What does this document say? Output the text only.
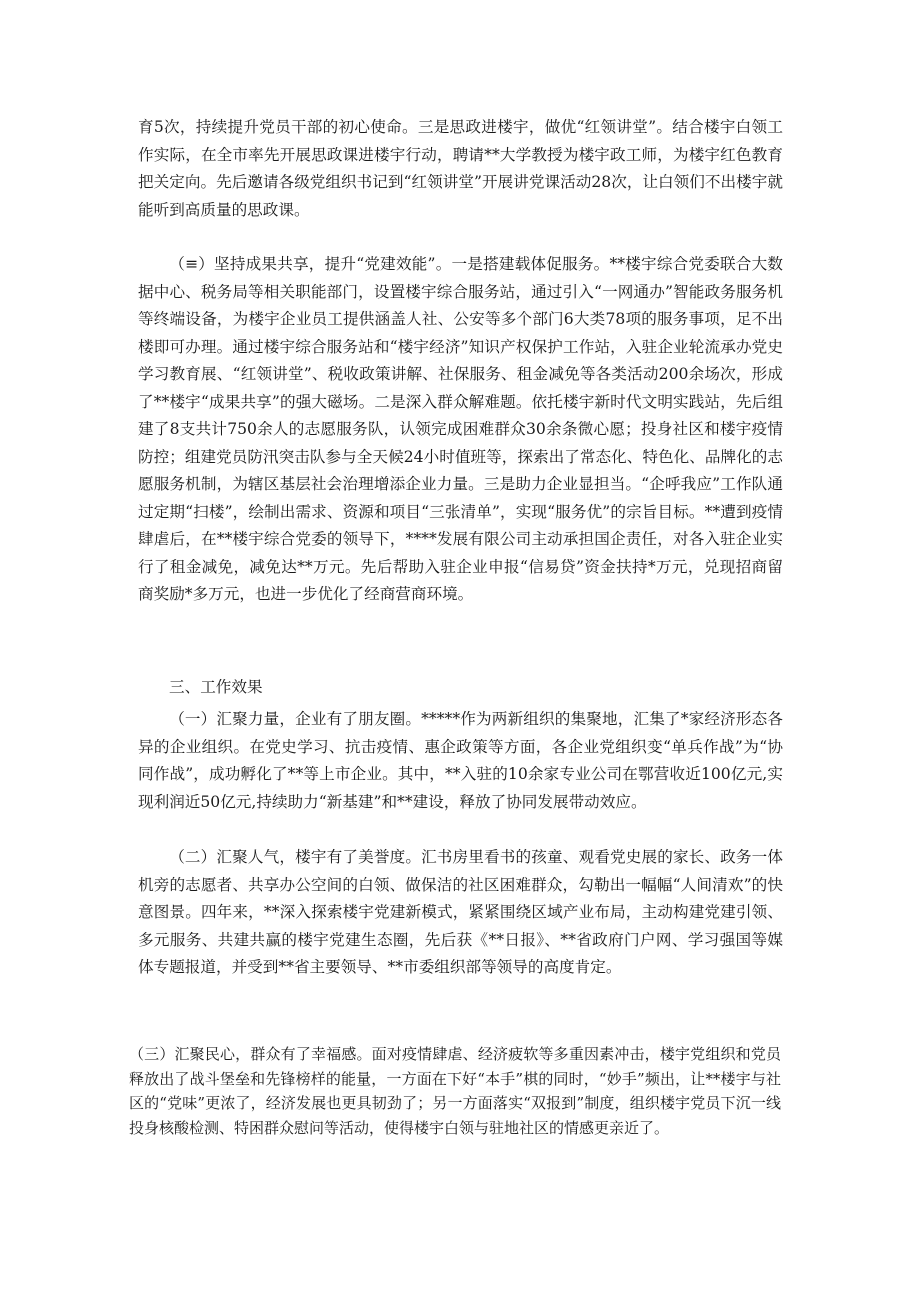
育5次，持续提升党员干部的初心使命。三是思政进楼宇，做优“红领讲堂”。结合楼宇白领工作实际，在全市率先开展思政课进楼宇行动，聘请**大学教授为楼宇政工师，为楼宇红色教育把关定向。先后邀请各级党组织书记到“红领讲堂”开展讲党课活动28次，让白领们不出楼宇就能听到高质量的思政课。

（≡）坚持成果共享，提升“党建效能”。一是搭建载体促服务。**楼宇综合党委联合大数据中心、税务局等相关职能部门，设置楼宇综合服务站，通过引入“一网通办”智能政务服务机等终端设备，为楼宇企业员工提供涵盖人社、公安等多个部门6大类78项的服务事项，足不出楼即可办理。通过楼宇综合服务站和“楼宇经济”知识产权保护工作站，入驻企业轮流承办党史学习教育展、“红领讲堂”、税收政策讲解、社保服务、租金减免等各类活动200余场次，形成了**楼宇“成果共享”的强大磁场。二是深入群众解难题。依托楼宇新时代文明实践站，先后组建了8支共计750余人的志愿服务队，认领完成困难群众30余条微心愿；投身社区和楼宇疫情防控；组建党员防汛突击队参与全天候24小时值班等，探索出了常态化、特色化、品牌化的志愿服务机制，为辖区基层社会治理增添企业力量。三是助力企业显担当。“企呼我应”工作队通过定期“扫楼”，绘制出需求、资源和项目“三张清单”，实现“服务优”的宗旨目标。**遭到疫情肆虐后，在**楼宇综合党委的领导下，****发展有限公司主动承担国企责任，对各入驻企业实行了租金减免，减免达**万元。先后帮助入驻企业申报“信易贷”资金扶持*万元，兑现招商留商奖励*多万元，也进一步优化了经商营商环境。

三、工作效果

（一）汇聚力量，企业有了朋友圈。*****作为两新组织的集聚地，汇集了*家经济形态各异的企业组织。在党史学习、抗击疫情、惠企政策等方面，各企业党组织变“单兵作战”为“协同作战”，成功孵化了**等上市企业。其中，**入驻的10余家专业公司在鄂营收近100亿元,实现利润近50亿元,持续助力“新基建”和**建设，释放了协同发展带动效应。

（二）汇聚人气，楼宇有了美誉度。汇书房里看书的孩童、观看党史展的家长、政务一体机旁的志愿者、共享办公空间的白领、做保洁的社区困难群众，勾勒出一幅幅“人间清欢”的快意图景。四年来，**深入探索楼宇党建新模式，紧紧围绕区域产业布局，主动构建党建引领、多元服务、共建共赢的楼宇党建生态圈，先后获《**日报》、**省政府门户网、学习强国等媒体专题报道，并受到**省主要领导、**市委组织部等领导的高度肯定。

（三）汇聚民心，群众有了幸福感。面对疫情肆虐、经济疲软等多重因素冲击，楼宇党组织和党员释放出了战斗堡垒和先锋榜样的能量，一方面在下好“本手”棋的同时，“妙手”频出，让**楼宇与社区的“党味”更浓了，经济发展也更具韧劲了；另一方面落实“双报到”制度，组织楼宇党员下沉一线投身核酸检测、特困群众慰问等活动，使得楼宇白领与驻地社区的情感更亲近了。
